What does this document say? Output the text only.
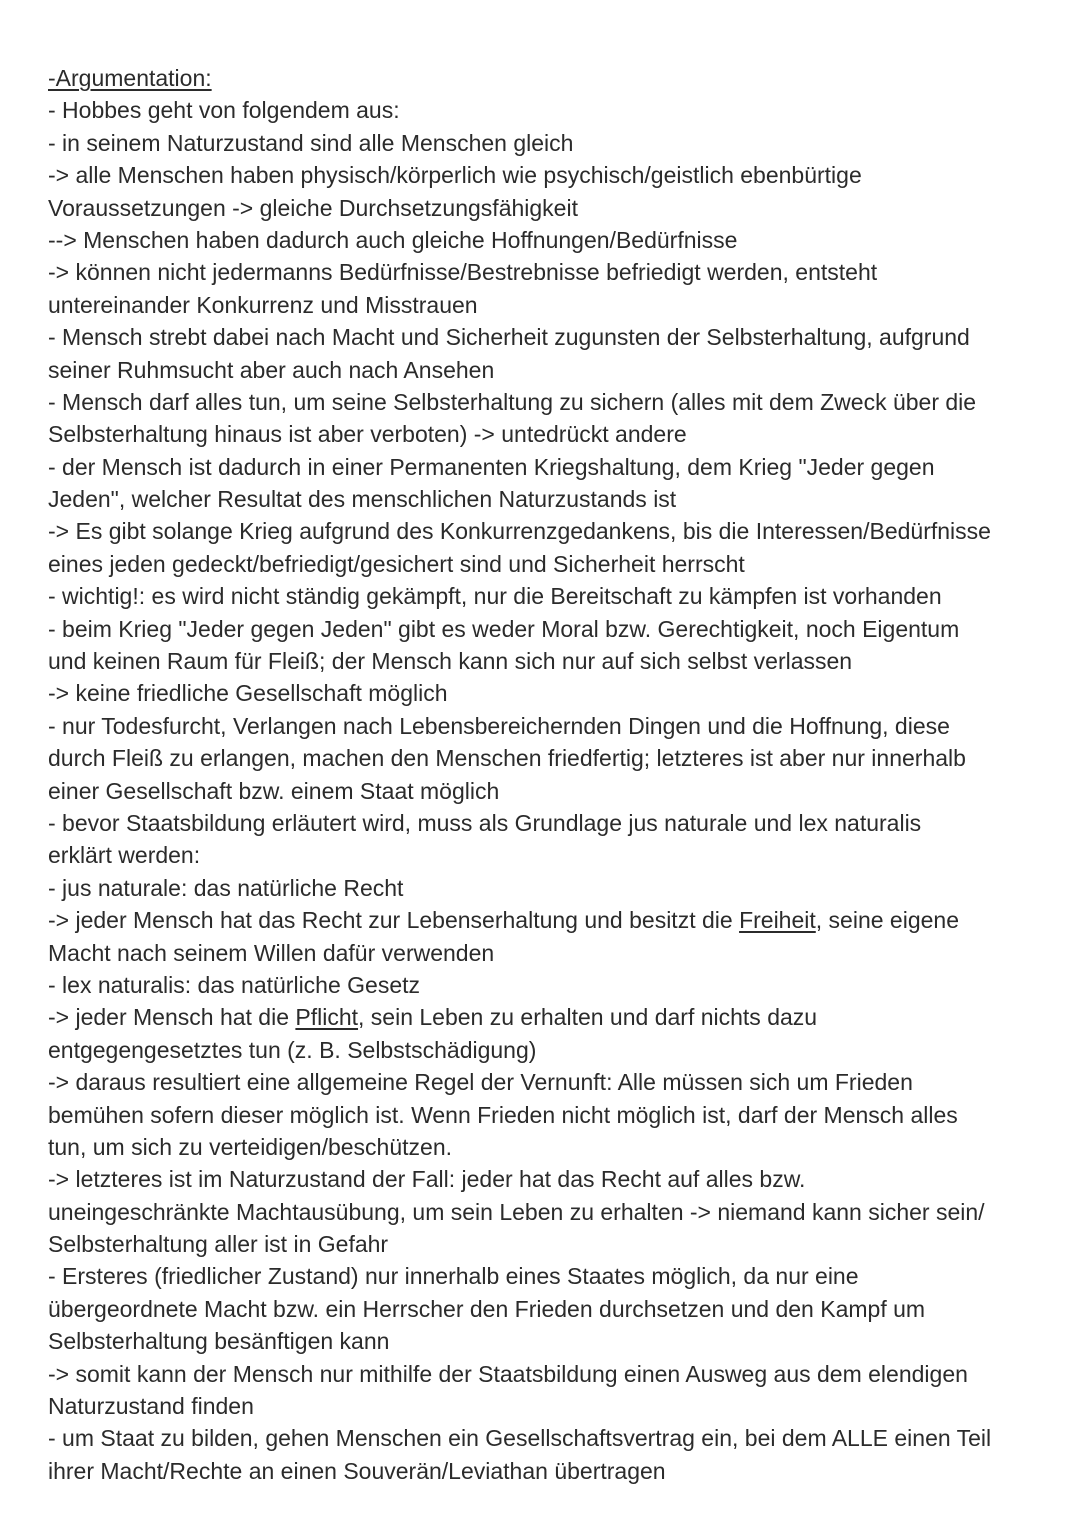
-Argumentation:
- Hobbes geht von folgendem aus:
- in seinem Naturzustand sind alle Menschen gleich
-> alle Menschen haben physisch/körperlich wie psychisch/geistlich ebenbürtige
Voraussetzungen -> gleiche Durchsetzungsfähigkeit
--> Menschen haben dadurch auch gleiche Hoffnungen/Bedürfnisse
-> können nicht jedermanns Bedürfnisse/Bestrebnisse befriedigt werden, entsteht
untereinander Konkurrenz und Misstrauen
- Mensch strebt dabei nach Macht und Sicherheit zugunsten der Selbsterhaltung, aufgrund
seiner Ruhmsucht aber auch nach Ansehen
- Mensch darf alles tun, um seine Selbsterhaltung zu sichern (alles mit dem Zweck über die
Selbsterhaltung hinaus ist aber verboten) -> untedrückt andere
- der Mensch ist dadurch in einer Permanenten Kriegshaltung, dem Krieg "Jeder gegen
Jeden", welcher Resultat des menschlichen Naturzustands ist
-> Es gibt solange Krieg aufgrund des Konkurrenzgedankens, bis die Interessen/Bedürfnisse
eines jeden gedeckt/befriedigt/gesichert sind und Sicherheit herrscht
- wichtig!: es wird nicht ständig gekämpft, nur die Bereitschaft zu kämpfen ist vorhanden
- beim Krieg "Jeder gegen Jeden" gibt es weder Moral bzw. Gerechtigkeit, noch Eigentum
und keinen Raum für Fleiß; der Mensch kann sich nur auf sich selbst verlassen
-> keine friedliche Gesellschaft möglich
- nur Todesfurcht, Verlangen nach Lebensbereichernden Dingen und die Hoffnung, diese
durch Fleiß zu erlangen, machen den Menschen friedfertig; letzteres ist aber nur innerhalb
einer Gesellschaft bzw. einem Staat möglich
- bevor Staatsbildung erläutert wird, muss als Grundlage jus naturale und lex naturalis
erklärt werden:
- jus naturale: das natürliche Recht
-> jeder Mensch hat das Recht zur Lebenserhaltung und besitzt die Freiheit, seine eigene
Macht nach seinem Willen dafür verwenden
- lex naturalis: das natürliche Gesetz
-> jeder Mensch hat die Pflicht, sein Leben zu erhalten und darf nichts dazu
entgegengesetztes tun (z. B. Selbstschädigung)
-> daraus resultiert eine allgemeine Regel der Vernunft: Alle müssen sich um Frieden
bemühen sofern dieser möglich ist. Wenn Frieden nicht möglich ist, darf der Mensch alles
tun, um sich zu verteidigen/beschützen.
-> letzteres ist im Naturzustand der Fall: jeder hat das Recht auf alles bzw.
uneingeschränkte Machtausübung, um sein Leben zu erhalten -> niemand kann sicher sein/
Selbsterhaltung aller ist in Gefahr
- Ersteres (friedlicher Zustand) nur innerhalb eines Staates möglich, da nur eine
übergeordnete Macht bzw. ein Herrscher den Frieden durchsetzen und den Kampf um
Selbsterhaltung besänftigen kann
-> somit kann der Mensch nur mithilfe der Staatsbildung einen Ausweg aus dem elendigen
Naturzustand finden
- um Staat zu bilden, gehen Menschen ein Gesellschaftsvertrag ein, bei dem ALLE einen Teil
ihrer Macht/Rechte an einen Souverän/Leviathan übertragen
